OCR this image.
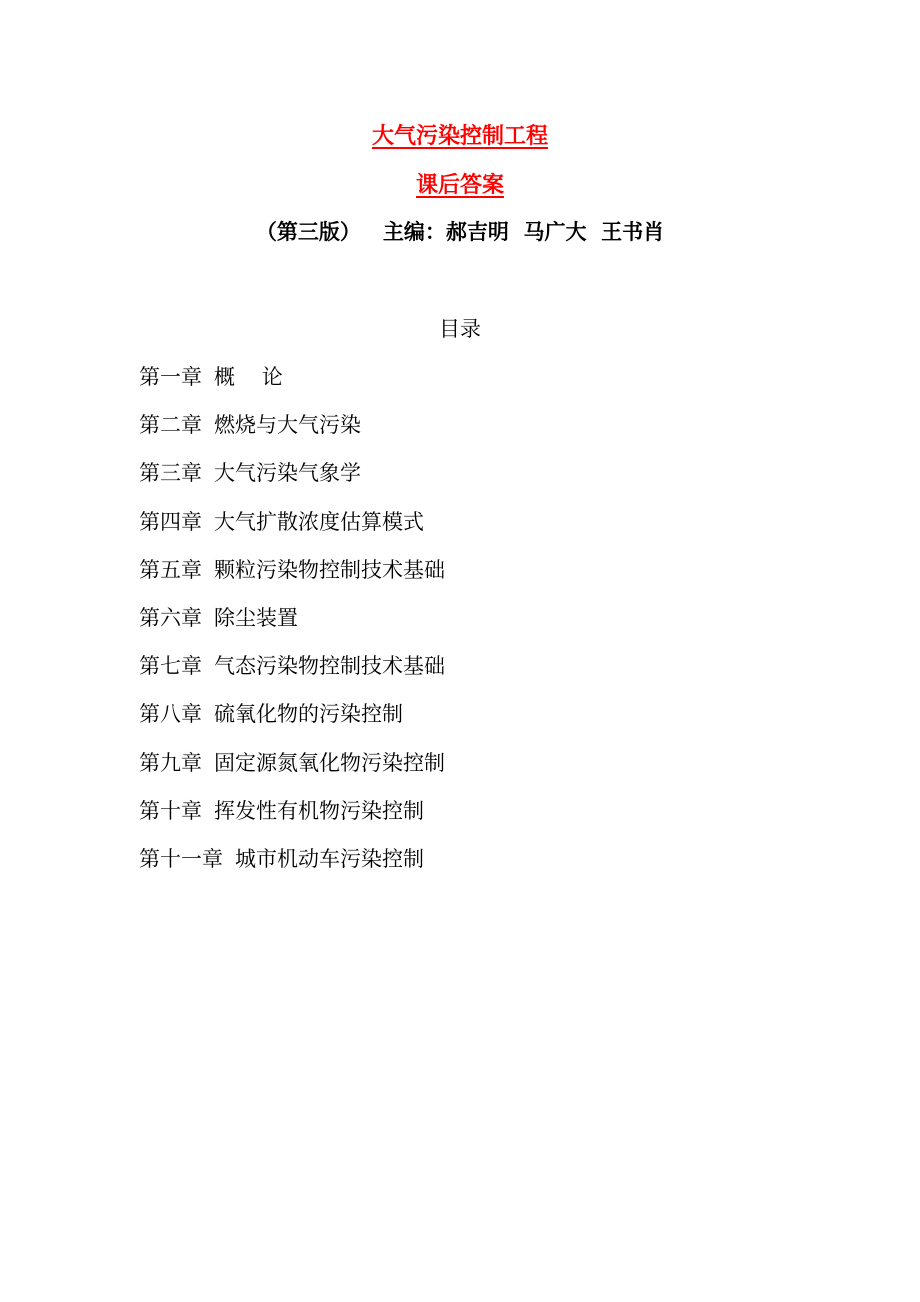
大气污染控制工程
课后答案
（第三版）   主编：郝吉明  马广大  王书肖
目录
第一章 概    论
第二章 燃烧与大气污染
第三章 大气污染气象学
第四章 大气扩散浓度估算模式
第五章 颗粒污染物控制技术基础
第六章 除尘装置
第七章 气态污染物控制技术基础
第八章 硫氧化物的污染控制
第九章 固定源氮氧化物污染控制
第十章 挥发性有机物污染控制
第十一章 城市机动车污染控制
